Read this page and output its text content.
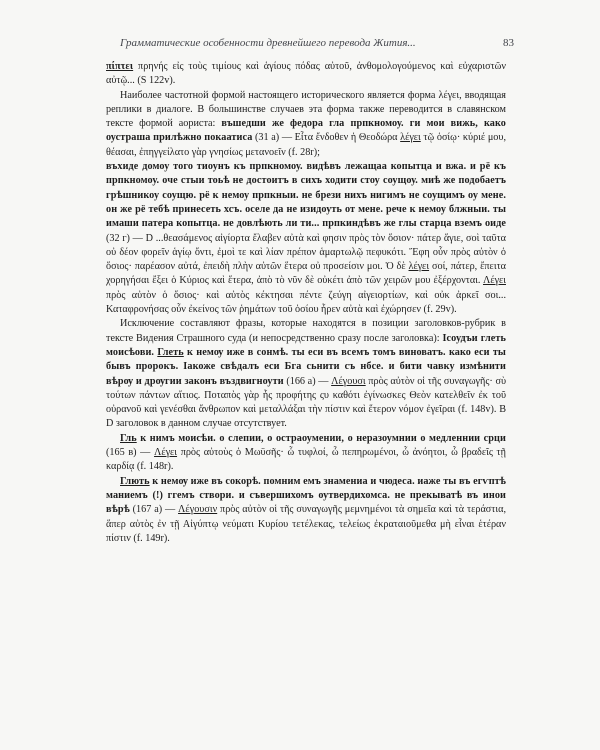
Грамматические особенности древнейшего перевода Жития...	83

πίπτει πρηνής εἰς τοὺς τιμίους καὶ ἁγίους πόδας αὐτοῦ, ἀνθομολογούμενος καὶ εὐχαριστῶν αὐτῷ... (S 122v).

Наиболее частотной формой настоящего исторического является форма λέγει, вводящая реплики в диалоге. В большинстве случаев эта форма также переводится в славянском тексте формой аориста: въшедши же федора гла прпкномоу. ги мои вижь, како оустраша прилѣжно покаатиса (31 а) — Εἶτα ἔνδοθεν ἡ Θεοδώρα λέγει τῷ ὁσίῳ· κύριέ μου, θέασαι, ἐπηγγείλατο γὰρ γνησίως μετανοεῖν (f. 28r);

въхиде домоу того тиоунъ къ прпкномоу. видѣвъ лежащаа копытца и вжа. и рё къ прпкномоу. оче стыи тоьѣ не достоитъ в сихъ ходити стоу соущоу. миѣ же подобаетъ грѣшникоу соущю. рё к немоу прпкныи. не брези нихъ нигимъ не соущимъ оу мене. он же рё тебѣ принесеть хсъ. оселе да не изидоуть от мене. рече к немоу блжныи. ты имаши патера копытца. не довлѣють ли ти... прпкиндѣвъ же глы старца вземъ оиде (32 г) — D ...θεασάμενος αἰγίορτα ἔλαβεν αὐτὰ καὶ φησιν πρὸς τὸν ὅσιον· πάτερ ἅγιε, σοὶ ταῦτα οὐ δέον φορεῖν ἁγίῳ ὄντι, ἐμοὶ τε καὶ λίαν πρέπον ἁμαρτωλῷ πεφυκότι. Ἔφη οὖν πρὸς αὐτὸν ὁ ὅσιος· παρέασον αὐτά, ἐπειδὴ πλὴν αὐτῶν ἕτερα οὐ προσείσιν μοι. Ὁ δὲ λέγει σοί, πάτερ, ἔπειτα χορηγήσαι ἔξει ὁ Κύριος καὶ ἕτερα, ἀπὸ τὸ νῦν δὲ οὐκέτι ἀπὸ τῶν χειρῶν μου ἐξέρχονται. Λέγει πρὸς αὐτὸν ὁ ὅσιος· καὶ αὐτὸς κέκτησαι πέντε ζεύγη αἰγειορτίων, καὶ οὐκ ἀρκεῖ σοι... Καταφρονήσας οὖν ἐκείνος τῶν ῥημάτων τοῦ ὁσίου ἦρεν αὐτὰ καὶ ἐχώρησεν (f. 29v).

Исключение составляют фразы, которые находятся в позиции заголовков-рубрик в тексте Видения Страшного суда (и непосредственно сразу после заголовка): Ісоудъи глеть моисѣови. Глеть к немѹ иже в сонмѣ. ты еси въ всемъ томъ виноватъ. како еси ты бывъ пророкъ. Іакоже свѣдалъ еси Бга сьнити съ нбсе. и бити чавку измѣнити вѣрѹ и дрѹгии законъ въздвигноути (166 а) — Λέγουσι πρὸς αὐτὸν οἱ τῆς συναγωγῆς· σὺ τούτων πάντων αἴτιος. Ποταπὸς γὰρ ἧς προφήτης ςυ καθότι ἐγίνωσκες Θεὸν κατελθεῖν ἐκ τοῦ οὐρανοῦ καὶ γενέσθαι ἄνθρωπον καὶ μεταλλάξαι τὴν πίστιν καὶ ἕτερον νόμον ἐγεῖραι (f. 148v). В D заголовок в данном случае отсутствует.

Гль к нимъ моисѣи. о слепии, о остраоумении, о неразоумнии о медленнии срци (165 в) — Λέγει πρὸς αὐτοὺς ὁ Μωϋσῆς· ὦ τυφλοί, ὦ πεπηρωμένοι, ὦ ἀνόητοι, ὦ βραδεῖς τῇ καρδίᾳ (f. 148r).

Глють к немѹ иже въ сокорѣ. помним емъ знамениа и чюдеса. иаже ты въ егѵптѣ маниемъ (!) ггемъ створи. и съвершихомъ оутвердихомса. не прекыватѣ въ инои вѣрѣ (167 а) — Λέγουσιν πρὸς αὐτὸν οἱ τῆς συναγωγῆς μεμνημένοι τὰ σημεῖα καὶ τὰ τεράστια, ἅπερ αὐτὸς ἐν τῇ Αἰγύπτῳ νεύματι Κυρίου τετέλεκας, τελείως ἐκραταιοῦμεθα μὴ εἶναι ἑτέραν πίστιν (f. 149r).
